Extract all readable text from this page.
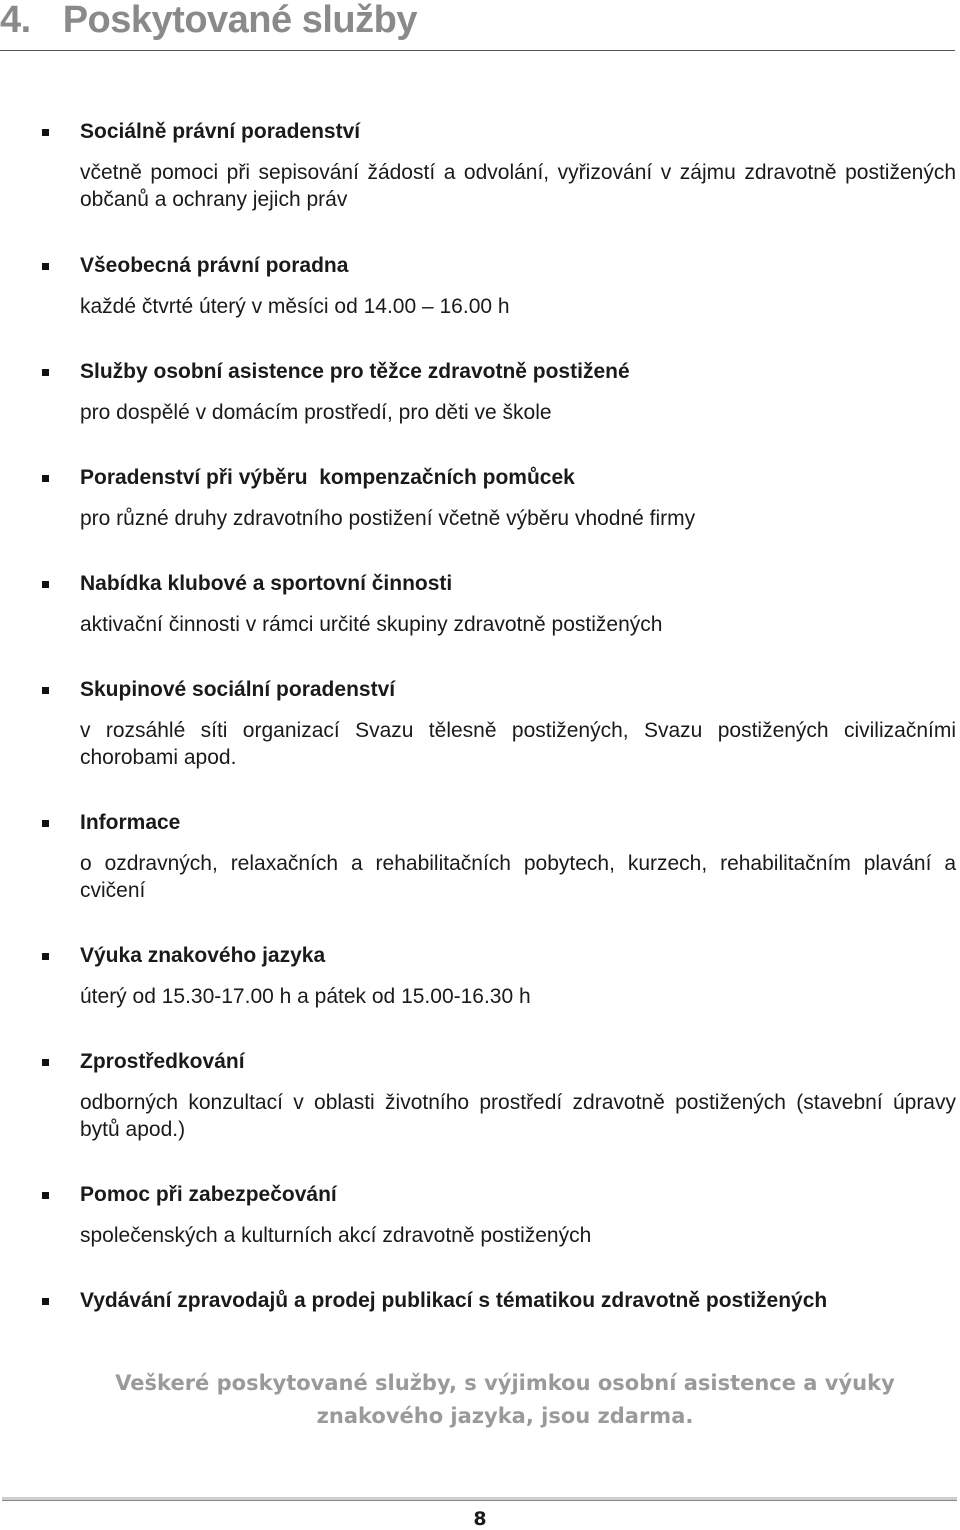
4. Poskytované služby
Sociálně právní poradenství
včetně pomoci při sepisování žádostí a odvolání, vyřizování v zájmu zdravotně postižených občanů a ochrany jejich práv
Všeobecná právní poradna
každé čtvrté úterý v měsíci od 14.00 – 16.00 h
Služby osobní asistence pro těžce zdravotně postižené
pro dospělé v domácím prostředí, pro děti ve škole
Poradenství při výběru  kompenzačních pomůcek
pro různé druhy zdravotního postižení včetně výběru vhodné firmy
Nabídka klubové a sportovní činnosti
aktivační činnosti v rámci určité skupiny zdravotně postižených
Skupinové sociální poradenství
v rozsáhlé síti organizací Svazu tělesně postižených, Svazu postižených civilizačními chorobami apod.
Informace
o ozdravných, relaxačních a rehabilitačních pobytech, kurzech, rehabilitačním plavání a cvičení
Výuka znakového jazyka
úterý od 15.30-17.00 h a pátek od 15.00-16.30 h
Zprostředkování
odborných konzultací v oblasti životního prostředí zdravotně postižených (stavební úpravy bytů apod.)
Pomoc při zabezpečování
společenských a kulturních akcí zdravotně postižených
Vydávání zpravodajů a prodej publikací s tématikou zdravotně postižených
Veškeré poskytované služby, s výjimkou osobní asistence a výuky znakového jazyka, jsou zdarma.
8
